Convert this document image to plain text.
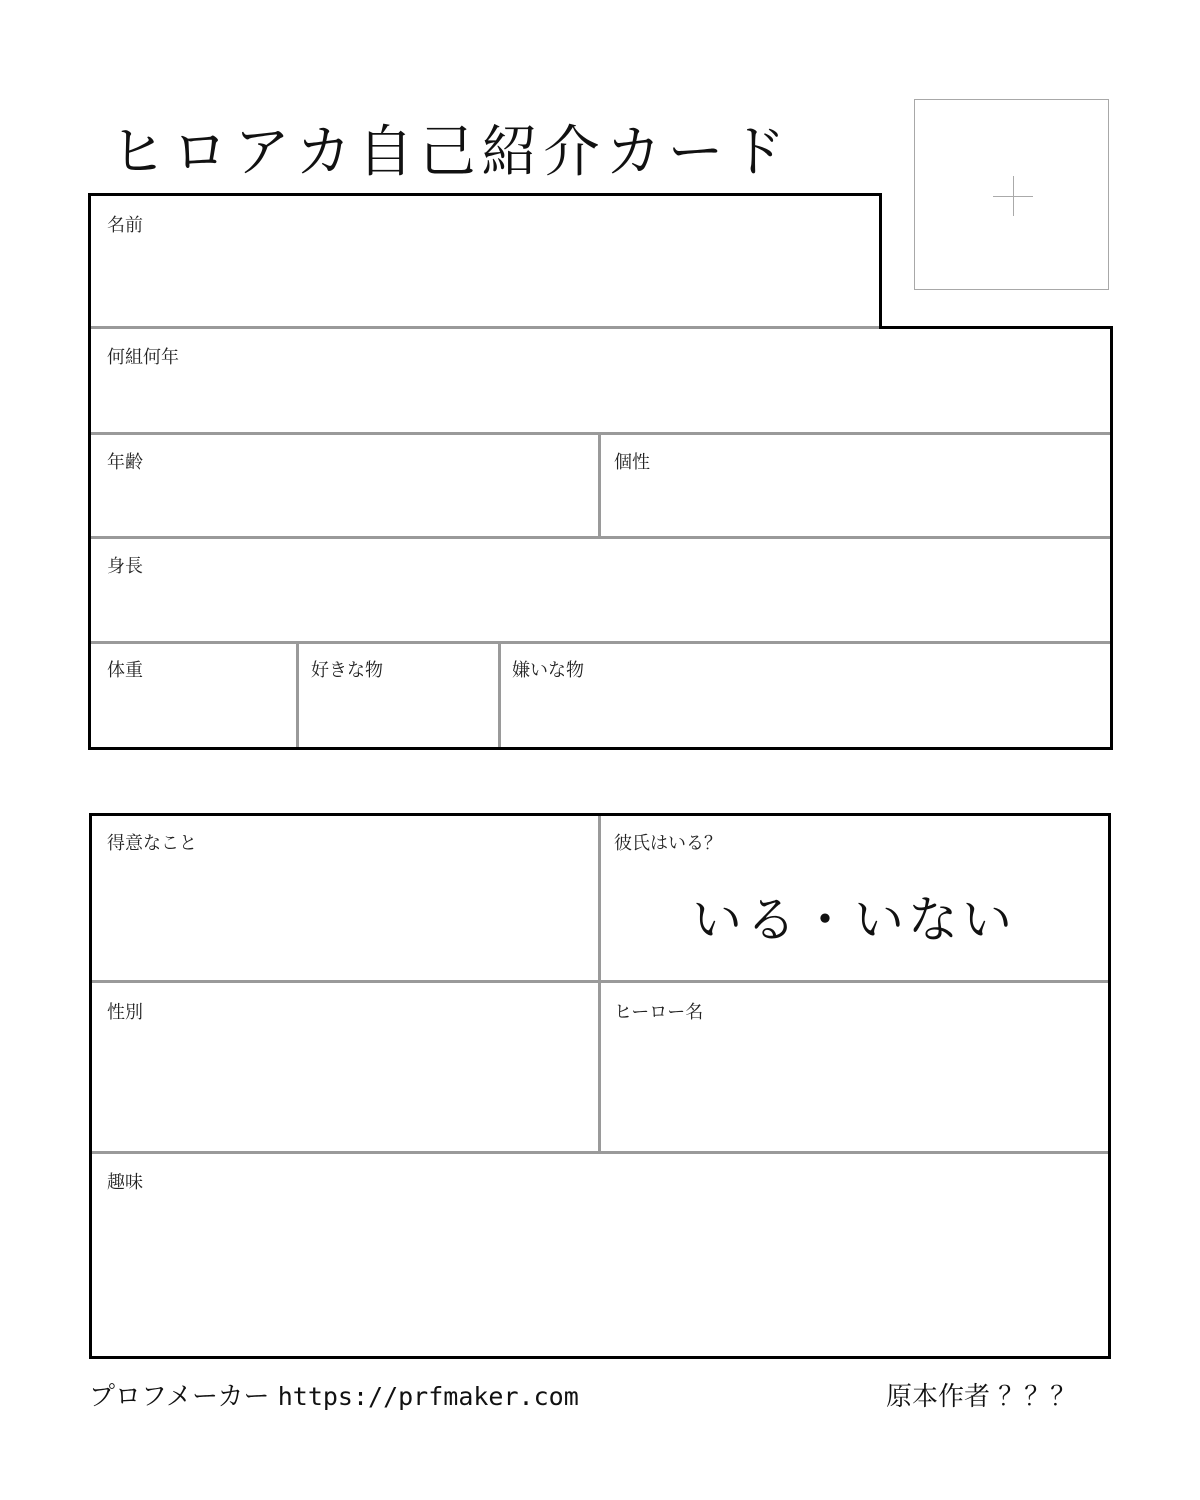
ヒロアカ自己紹介カード
名前
何組何年
年齢	個性
身長
体重	好きな物	嫌いな物
得意なこと	彼氏はいる？
いる・いない
性別	ヒーロー名
趣味
プロフメーカー https://prfmaker.com	原本作者 ？？？
